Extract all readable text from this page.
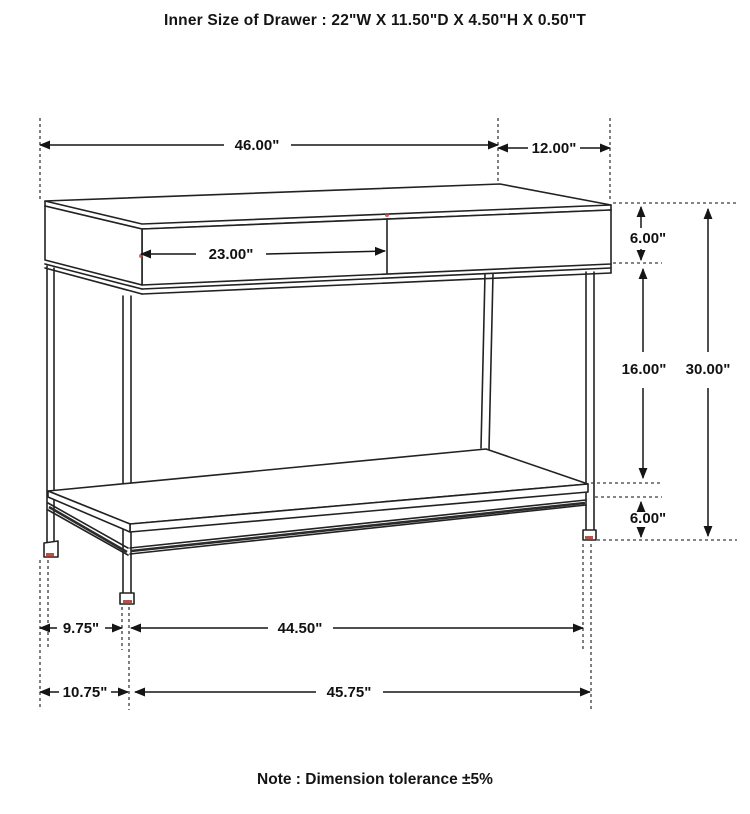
Inner Size of Drawer : 22"W X 11.50"D X 4.50"H X 0.50"T
46.00"	12.00"
23.00"
6.00"
16.00" 30.00"
6.00"
9.75"	44.50"
10.75"	45.75"
Note : Dimension tolerance ±5%
